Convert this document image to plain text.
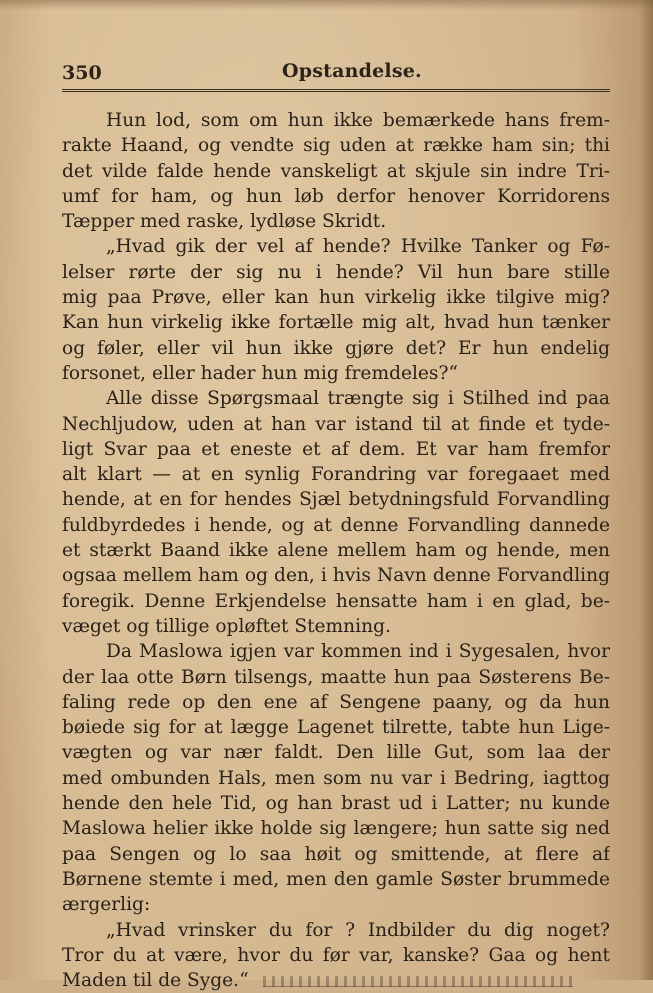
350	Opstandelse.
Hun lod, som om hun ikke bemærkede hans frem-
rakte Haand, og vendte sig uden at række ham sin; thi
det vilde falde hende vanskeligt at skjule sin indre Tri-
umf for ham, og hun løb derfor henover Korridorens
Tæpper med raske, lydløse Skridt.
„Hvad gik der vel af hende? Hvilke Tanker og Fø-
lelser rørte der sig nu i hende? Vil hun bare stille
mig paa Prøve, eller kan hun virkelig ikke tilgive mig?
Kan hun virkelig ikke fortælle mig alt, hvad hun tænker
og føler, eller vil hun ikke gjøre det? Er hun endelig
forsonet, eller hader hun mig fremdeles?“
Alle disse Spørgsmaal trængte sig i Stilhed ind paa
Nechljudow, uden at han var istand til at finde et tyde-
ligt Svar paa et eneste et af dem. Et var ham fremfor
alt klart — at en synlig Forandring var foregaaet med
hende, at en for hendes Sjæl betydningsfuld Forvandling
fuldbyrdedes i hende, og at denne Forvandling dannede
et stærkt Baand ikke alene mellem ham og hende, men
ogsaa mellem ham og den, i hvis Navn denne Forvandling
foregik. Denne Erkjendelse hensatte ham i en glad, be-
væget og tillige opløftet Stemning.
Da Maslowa igjen var kommen ind i Sygesalen, hvor
der laa otte Børn tilsengs, maatte hun paa Søsterens Be-
faling rede op den ene af Sengene paany, og da hun
bøiede sig for at lægge Lagenet tilrette, tabte hun Lige-
vægten og var nær faldt. Den lille Gut, som laa der
med ombunden Hals, men som nu var i Bedring, iagttog
hende den hele Tid, og han brast ud i Latter; nu kunde
Maslowa helier ikke holde sig længere; hun satte sig ned
paa Sengen og lo saa høit og smittende, at flere af
Børnene stemte i med, men den gamle Søster brummede
ærgerlig:
„Hvad vrinsker du for ? Indbilder du dig noget?
Tror du at være, hvor du før var, kanske? Gaa og hent
Maden til de Syge.“
